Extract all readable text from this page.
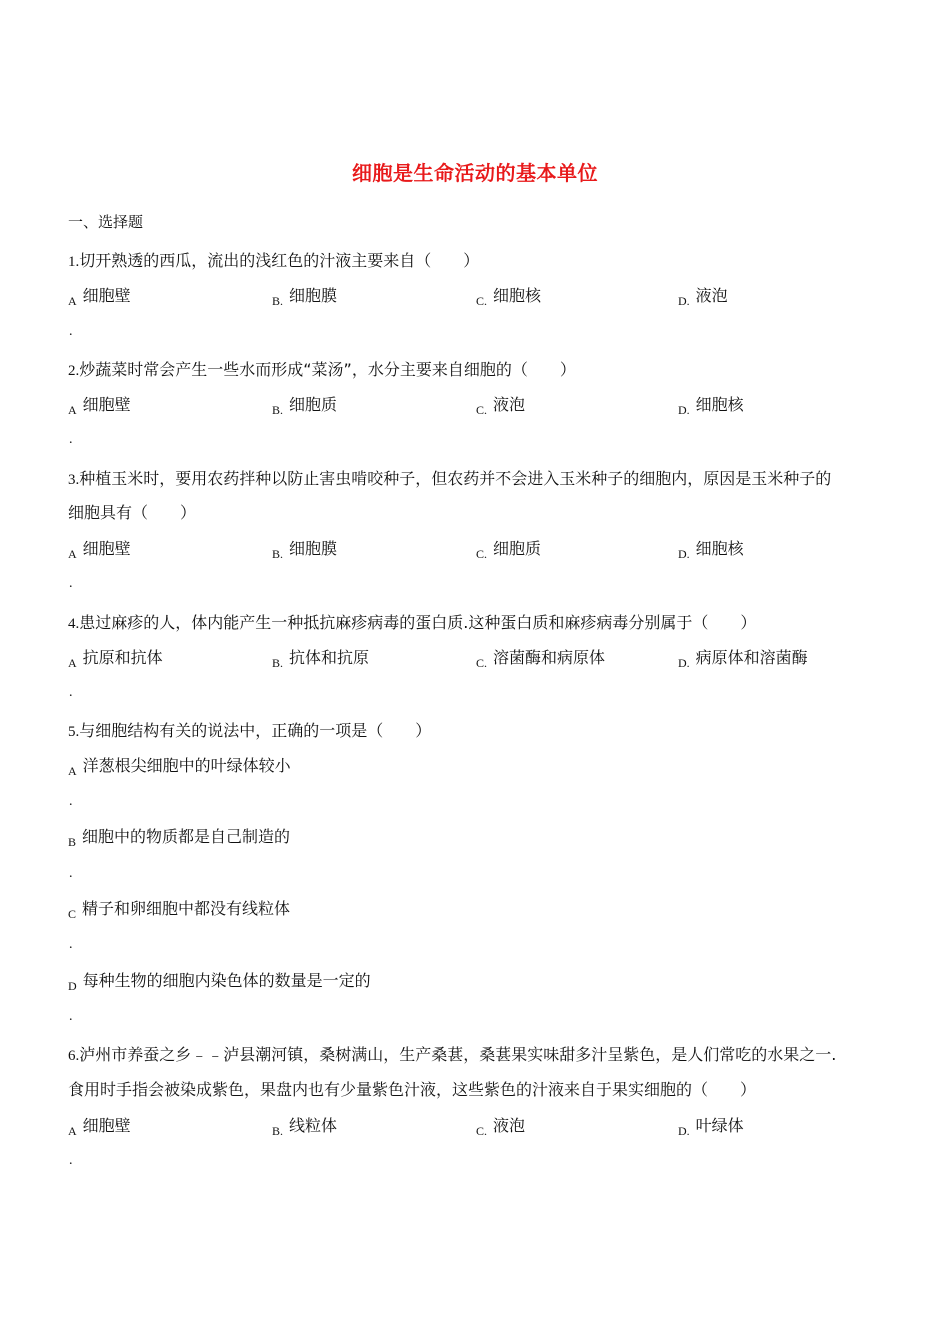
细胞是生命活动的基本单位
一、选择题
1.切开熟透的西瓜，流出的浅红色的汁液主要来自（　　）
A 细胞壁	B. 细胞膜	C. 细胞核	D. 液泡
.
2.炒蔬菜时常会产生一些水而形成“菜汤”，水分主要来自细胞的（　　）
A 细胞壁	B. 细胞质	C. 液泡	D. 细胞核
.
3.种植玉米时，要用农药拌种以防止害虫啃咬种子，但农药并不会进入玉米种子的细胞内，原因是玉米种子的
细胞具有（　　）
A 细胞壁	B. 细胞膜	C. 细胞质	D. 细胞核
.
4.患过麻疹的人，体内能产生一种抵抗麻疹病毒的蛋白质.这种蛋白质和麻疹病毒分别属于（　　）
A 抗原和抗体	B. 抗体和抗原	C. 溶菌酶和病原体	D. 病原体和溶菌酶
.
5.与细胞结构有关的说法中，正确的一项是（　　）
A 洋葱根尖细胞中的叶绿体较小
.
B 细胞中的物质都是自己制造的
.
C 精子和卵细胞中都没有线粒体
.
D 每种生物的细胞内染色体的数量是一定的
.
6.泸州市养蚕之乡﹣﹣泸县潮河镇，桑树满山，生产桑葚，桑葚果实味甜多汁呈紫色，是人们常吃的水果之一.
食用时手指会被染成紫色，果盘内也有少量紫色汁液，这些紫色的汁液来自于果实细胞的（　　）
A 细胞壁	B. 线粒体	C. 液泡	D. 叶绿体
.
